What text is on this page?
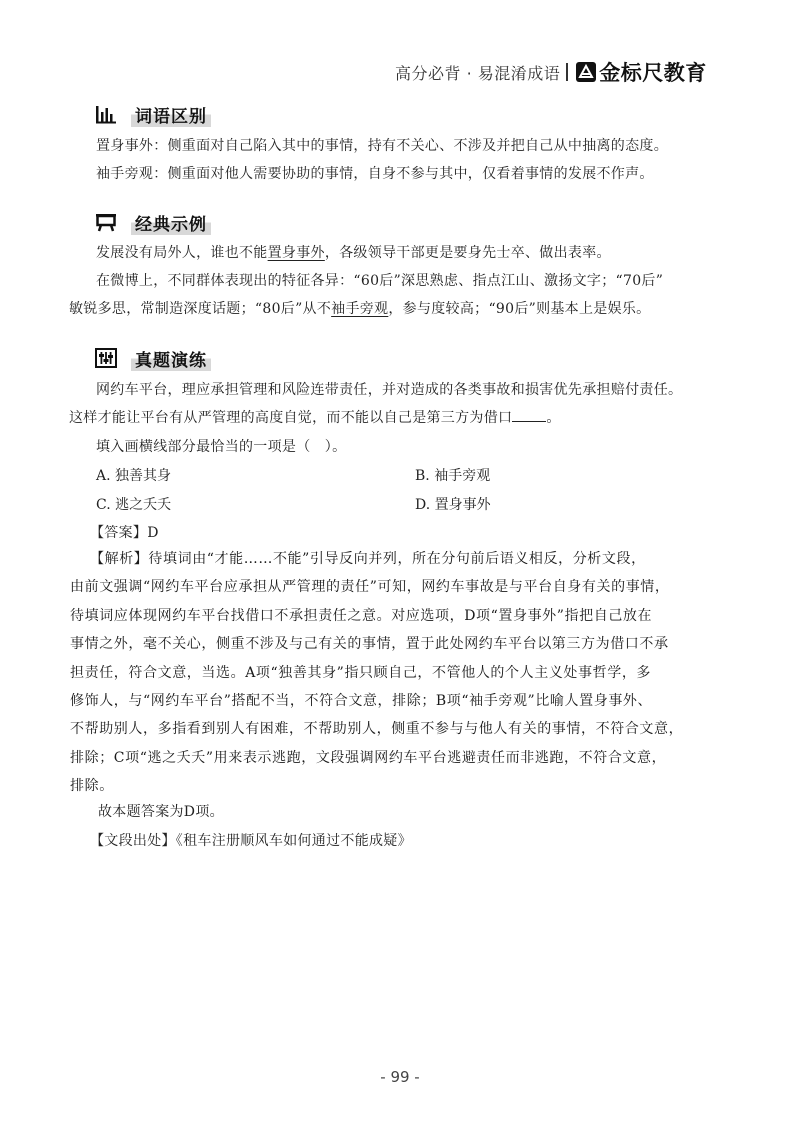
高分必背 · 易混淆成语 金标尺教育
词语区别
置身事外：侧重面对自己陷入其中的事情，持有不关心、不涉及并把自己从中抽离的态度。
袖手旁观：侧重面对他人需要协助的事情，自身不参与其中，仅看着事情的发展不作声。
经典示例
发展没有局外人，谁也不能置身事外，各级领导干部更是要身先士卒、做出表率。
在微博上，不同群体表现出的特征各异：“60后”深思熟虑、指点江山、激扬文字；“70后”
敏锐多思，常制造深度话题；“80后”从不袖手旁观，参与度较高；“90后”则基本上是娱乐。
真题演练
网约车平台，理应承担管理和风险连带责任，并对造成的各类事故和损害优先承担赔付责任。
这样才能让平台有从严管理的高度自觉，而不能以自己是第三方为借口 。
填入画横线部分最恰当的一项是（　）。
A. 独善其身	B. 袖手旁观
C. 逃之夭夭	D. 置身事外
【答案】D
【解析】待填词由“才能……不能”引导反向并列，所在分句前后语义相反，分析文段，
由前文强调“网约车平台应承担从严管理的责任”可知，网约车事故是与平台自身有关的事情，
待填词应体现网约车平台找借口不承担责任之意。对应选项，D项“置身事外”指把自己放在
事情之外，毫不关心，侧重不涉及与己有关的事情，置于此处网约车平台以第三方为借口不承
担责任，符合文意，当选。A项“独善其身”指只顾自己，不管他人的个人主义处事哲学，多
修饰人，与“网约车平台”搭配不当，不符合文意，排除；B项“袖手旁观”比喻人置身事外、
不帮助别人，多指看到别人有困难，不帮助别人，侧重不参与与他人有关的事情，不符合文意，
排除；C项“逃之夭夭”用来表示逃跑，文段强调网约车平台逃避责任而非逃跑，不符合文意，
排除。
故本题答案为D项。
【文段出处】《租车注册顺风车如何通过不能成疑》
- 99 -
